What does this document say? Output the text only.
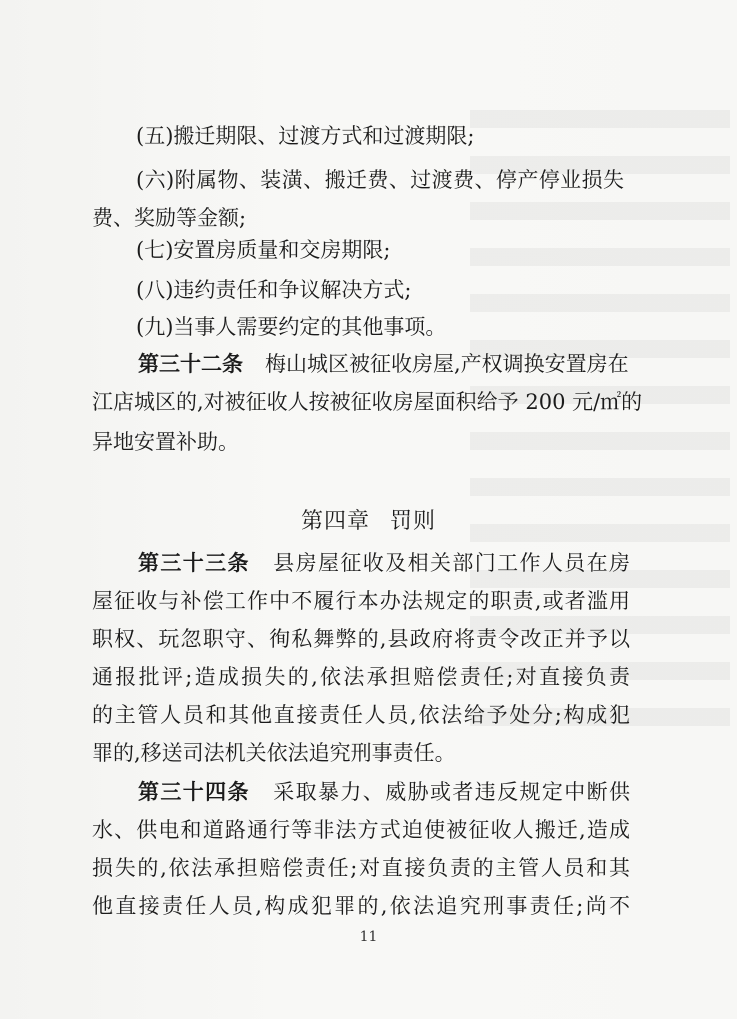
(五)搬迁期限、过渡方式和过渡期限;

(六)附属物、装潢、搬迁费、过渡费、停产停业损失

费、奖励等金额;

(七)安置房质量和交房期限;

(八)违约责任和争议解决方式;

(九)当事人需要约定的其他事项。

第三十二条 梅山城区被征收房屋,产权调换安置房在

江店城区的,对被征收人按被征收房屋面积给予 200 元/㎡的

异地安置补助。

第四章 罚则

第三十三条 县房屋征收及相关部门工作人员在房

屋征收与补偿工作中不履行本办法规定的职责,或者滥用

职权、玩忽职守、徇私舞弊的,县政府将责令改正并予以

通报批评;造成损失的,依法承担赔偿责任;对直接负责

的主管人员和其他直接责任人员,依法给予处分;构成犯

罪的,移送司法机关依法追究刑事责任。

第三十四条 采取暴力、威胁或者违反规定中断供

水、供电和道路通行等非法方式迫使被征收人搬迁,造成

损失的,依法承担赔偿责任;对直接负责的主管人员和其

他直接责任人员,构成犯罪的,依法追究刑事责任;尚不

11
